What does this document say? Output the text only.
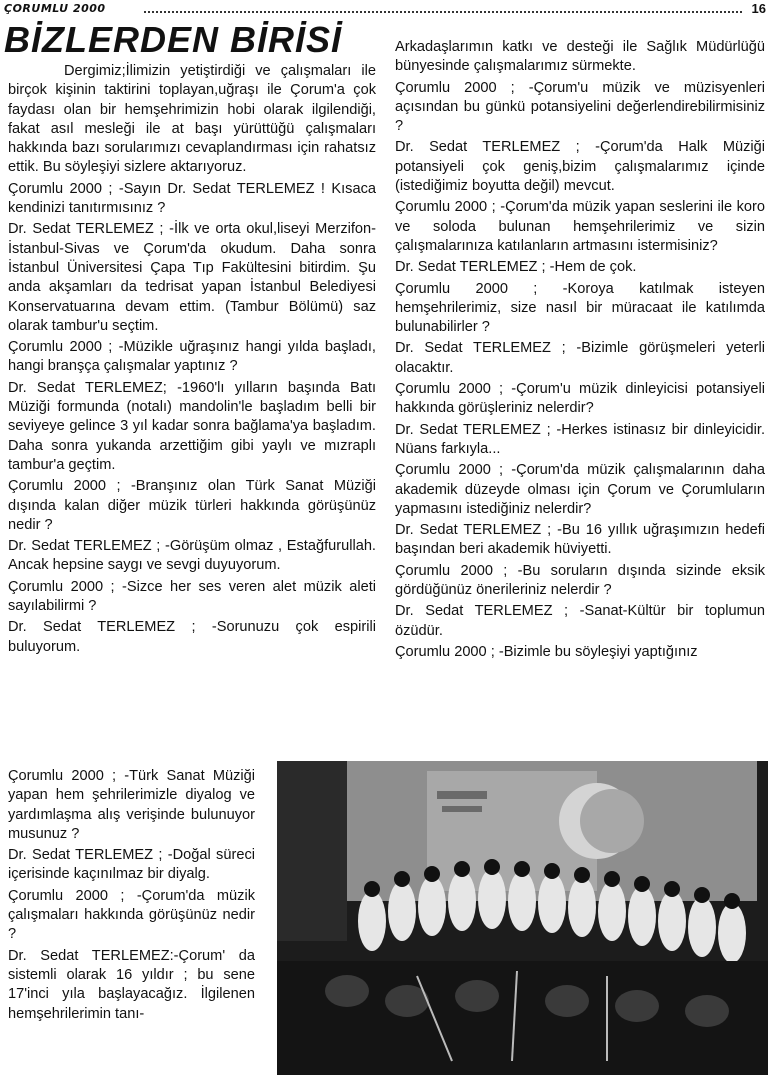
ÇORUMLU 2000	16
BİZLERDEN BİRİSİ

Dergimiz;İlimizin yetiştirdiği ve çalışmaları ile birçok kişinin taktirini toplayan,uğraşı ile Çorum'a çok faydası olan bir hemşehrimizin hobi olarak ilgilendiği, fakat asıl mesleği ile at başı yürüttüğü çalışmaları hakkında bazı sorularımızı cevaplandırması için rahatsız ettik. Bu söyleşiyi sizlere aktarıyoruz.

Çorumlu 2000 ; -Sayın Dr. Sedat TERLEMEZ ! Kısaca kendinizi tanıtırmısınız ?

Dr. Sedat TERLEMEZ ; -İlk ve orta okul,liseyi Merzifon-İstanbul-Sivas ve Çorum'da okudum. Daha sonra İstanbul Üniversitesi Çapa Tıp Fakültesini bitirdim. Şu anda akşamları da tedrisat yapan İstanbul Belediyesi Konservatuarına devam ettim. (Tambur Bölümü) saz olarak tambur'u seçtim.

Çorumlu 2000 ; -Müzikle uğraşınız hangi yılda başladı, hangi branşça çalışmalar yaptınız ?

Dr. Sedat TERLEMEZ; -1960'lı yılların başında Batı Müziği formunda (notalı) mandolin'le başladım belli bir seviyeye gelince 3 yıl kadar sonra bağlama'ya başladım. Daha sonra yukanda arzettiğim gibi yaylı ve mızraplı tambur'a geçtim.

Çorumlu 2000 ; -Branşınız olan Türk Sanat Müziği dışında kalan diğer müzik türleri hakkında görüşünüz nedir ?

Dr. Sedat TERLEMEZ ; -Görüşüm olmaz , Estağfurullah. Ancak hepsine saygı ve sevgi duyuyorum.

Çorumlu 2000 ; -Sizce her ses veren alet müzik aleti sayılabilirmi ?

Dr. Sedat TERLEMEZ ; -Sorunuzu çok espirili buluyorum.

Çorumlu 2000 ; -Türk Sanat Müziği yapan hem şehrilerimizle diyalog ve yardımlaşma alış verişinde bulunuyor musunuz ?

Dr. Sedat TERLEMEZ ; -Doğal süreci içerisinde kaçınılmaz bir diyalg.

Çorumlu 2000 ; -Çorum'da müzik çalışmaları hakkında görüşünüz nedir ?

Dr. Sedat TERLEMEZ:-Çorum' da sistemli olarak 16 yıldır ; bu sene 17'inci yıla başlayacağız. İlgilenen hemşehrilerimin tanı-

Arkadaşlarımın katkı ve desteği ile Sağlık Müdürlüğü bünyesinde çalışmalarımız sürmekte.

Çorumlu 2000 ; -Çorum'u müzik ve müzisyenleri açısından bu günkü potansiyelini değerlendirebilirmisiniz ?

Dr. Sedat TERLEMEZ ; -Çorum'da Halk Müziği potansiyeli çok geniş,bizim çalışmalarımız içinde (istediğimiz boyutta değil) mevcut.

Çorumlu 2000 ; -Çorum'da müzik yapan seslerini ile koro ve soloda bulunan hemşehrilerimiz ve sizin çalışmalarınıza katılanların artmasını istermisiniz?

Dr. Sedat TERLEMEZ ; -Hem de çok.

Çorumlu 2000 ; -Koroya katılmak isteyen hemşehrilerimiz, size nasıl bir müracaat ile katılımda bulunabilirler ?

Dr. Sedat TERLEMEZ ; -Bizimle görüşmeleri yeterli olacaktır.

Çorumlu 2000 ; -Çorum'u müzik dinleyicisi potansiyeli hakkında görüşleriniz nelerdir?

Dr. Sedat TERLEMEZ ; -Herkes istinasız bir dinleyicidir. Nüans farkıyla...

Çorumlu 2000 ; -Çorum'da müzik çalışmalarının daha akademik düzeyde olması için Çorum ve Çorumluların yapmasını istediğiniz nelerdir?

Dr. Sedat TERLEMEZ ; -Bu 16 yıllık uğraşımızın hedefi başından beri akademik hüviyetti.

Çorumlu 2000 ; -Bu soruların dışında sizinde eksik gördüğünüz önerileriniz nelerdir ?

Dr. Sedat TERLEMEZ ; -Sanat-Kültür bir toplumun özüdür.

Çorumlu 2000 ; -Bizimle bu söyleşiyi yaptığınız
